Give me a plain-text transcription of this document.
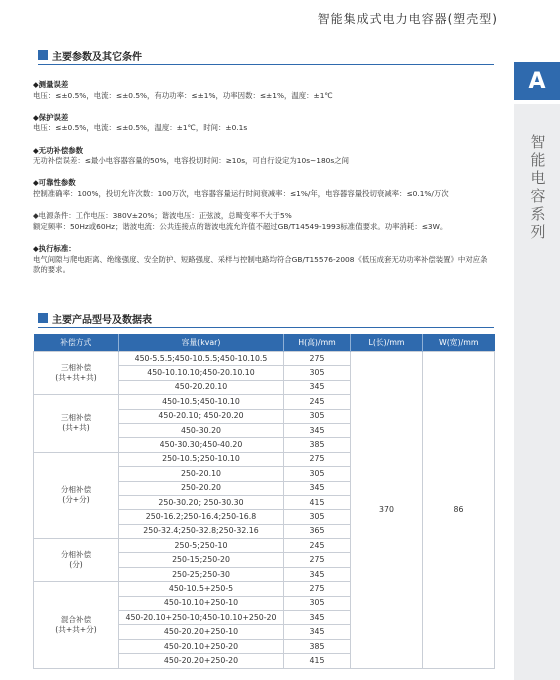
智能集成式电力电容器(塑壳型)
A
智能电容系列
主要参数及其它条件
◆测量误差
电压：≤±0.5%，电流：≤±0.5%，有功功率：≤±1%，功率因数：≤±1%，温度：±1℃
◆保护误差
电压：≤±0.5%，电流：≤±0.5%，温度：±1℃，时间：±0.1s
◆无功补偿参数
无功补偿误差：≤最小电容器容量的50%，电容投切时间：≥10s，可自行设定为10s~180s之间
◆可靠性参数
控制准确率：100%，投切允许次数：100万次，电容器容量运行时间衰减率：≤1%/年，电容器容量投切衰减率：≤0.1%/万次
◆电源条件：工作电压：380V±20%；谐波电压：正弦波，总畸变率不大于5%
额定频率：50Hz或60Hz；谐波电流：公共连接点的谐波电流允许值不超过GB/T14549-1993标准值要求。功率消耗：≤3W。
◆执行标准：
电气间隙与爬电距离、绝缘强度、安全防护、短路强度、采样与控制电路均符合GB/T15576-2008《低压成套无功功率补偿装置》中对应条款的要求。
主要产品型号及数据表
补偿方式	容量(kvar)	H(高)/mm	L(长)/mm	W(宽)/mm

三相补偿
(共+共+共)	450-5.5.5;450-10.5.5;450-10.10.5	275	370	86
	450-10.10.10;450-20.10.10	305		
	450-20.20.10	345		

三相补偿
(共+共)	450-10.5;450-10.10	245		
	450-20.10; 450-20.20	305		
	450-30.20	345		
	450-30.30;450-40.20	385		

分相补偿
(分+分)	250-10.5;250-10.10	275		
	250-20.10	305		
	250-20.20	345		
	250-30.20; 250-30.30	415		
	250-16.2;250-16.4;250-16.8	305		
	250-32.4;250-32.8;250-32.16	365		

分相补偿
(分)	250-5;250-10	245		
	250-15;250-20	275		
	250-25;250-30	345		

混合补偿
(共+共+分)	450-10.5+250-5	275		
	450-10.10+250-10	305		
	450-20.10+250-10;450-10.10+250-20	345		
	450-20.20+250-10	345		
	450-20.10+250-20	385		
	450-20.20+250-20	415		
